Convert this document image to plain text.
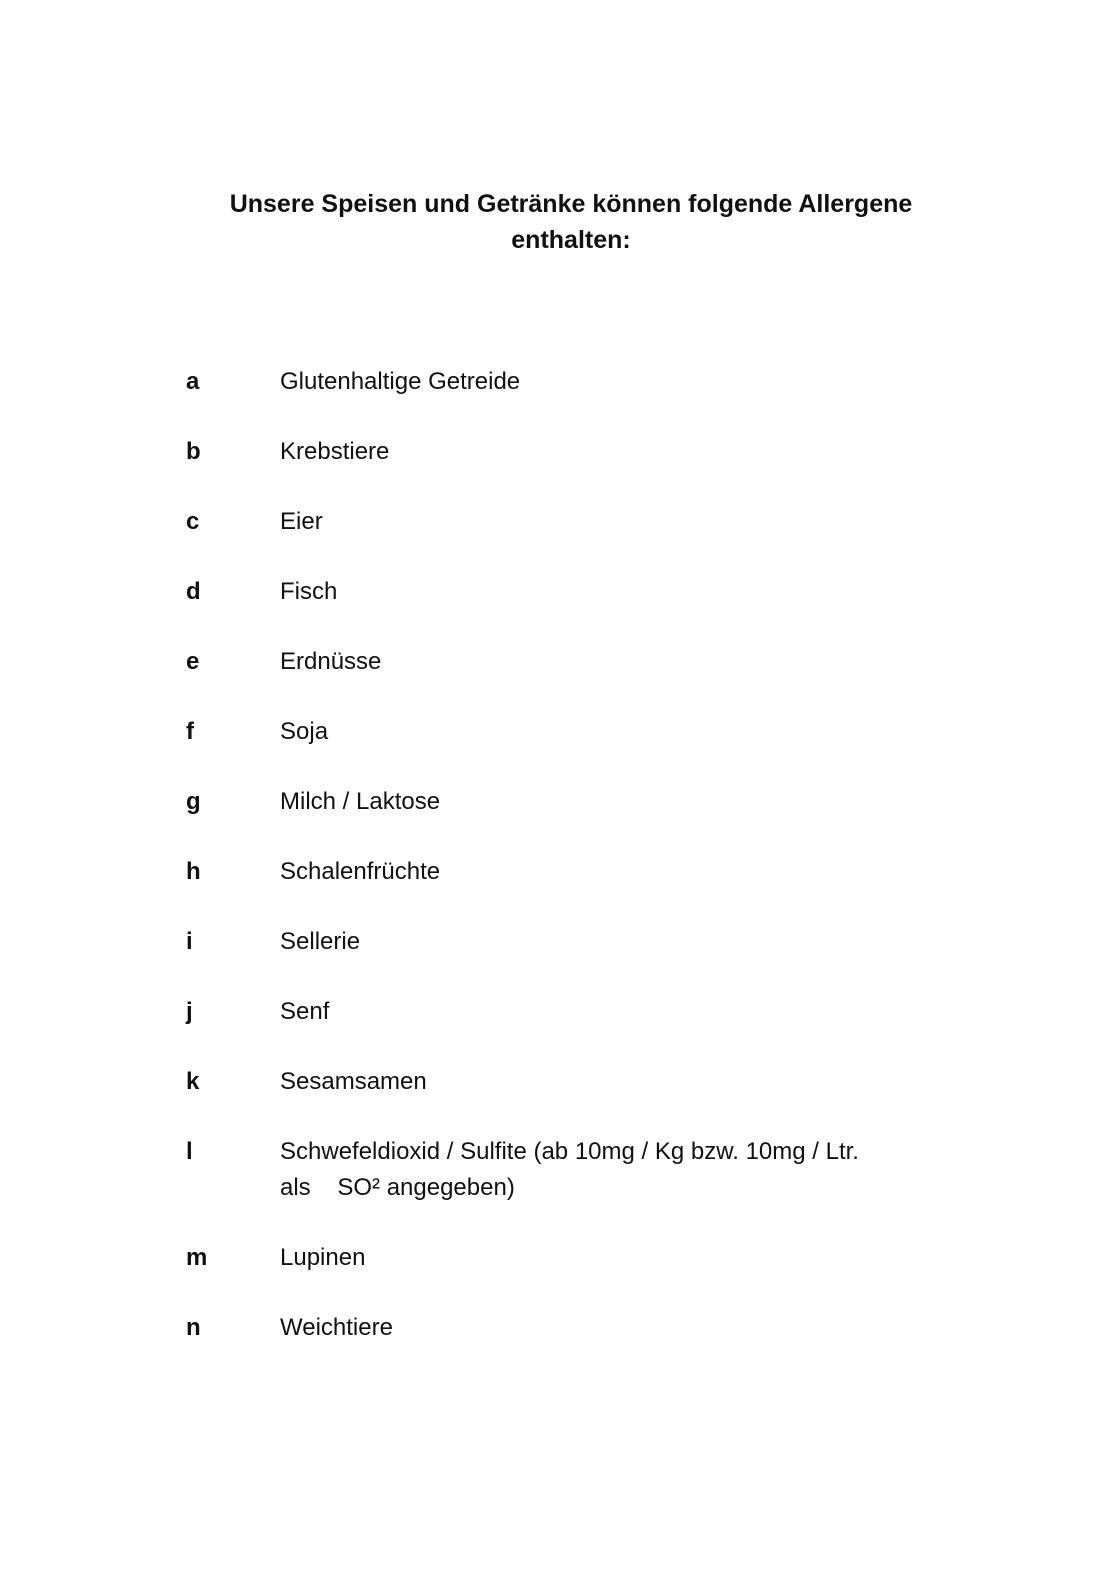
Unsere Speisen und Getränke können folgende Allergene
enthalten:
a	Glutenhaltige Getreide
b	Krebstiere
c	Eier
d	Fisch
e	Erdnüsse
f	Soja
g	Milch / Laktose
h	Schalenfrüchte
i	Sellerie
j	Senf
k	Sesamsamen
l	Schwefeldioxid / Sulfite (ab 10mg / Kg bzw. 10mg / Ltr.
als    SO² angegeben)
m	Lupinen
n	Weichtiere
